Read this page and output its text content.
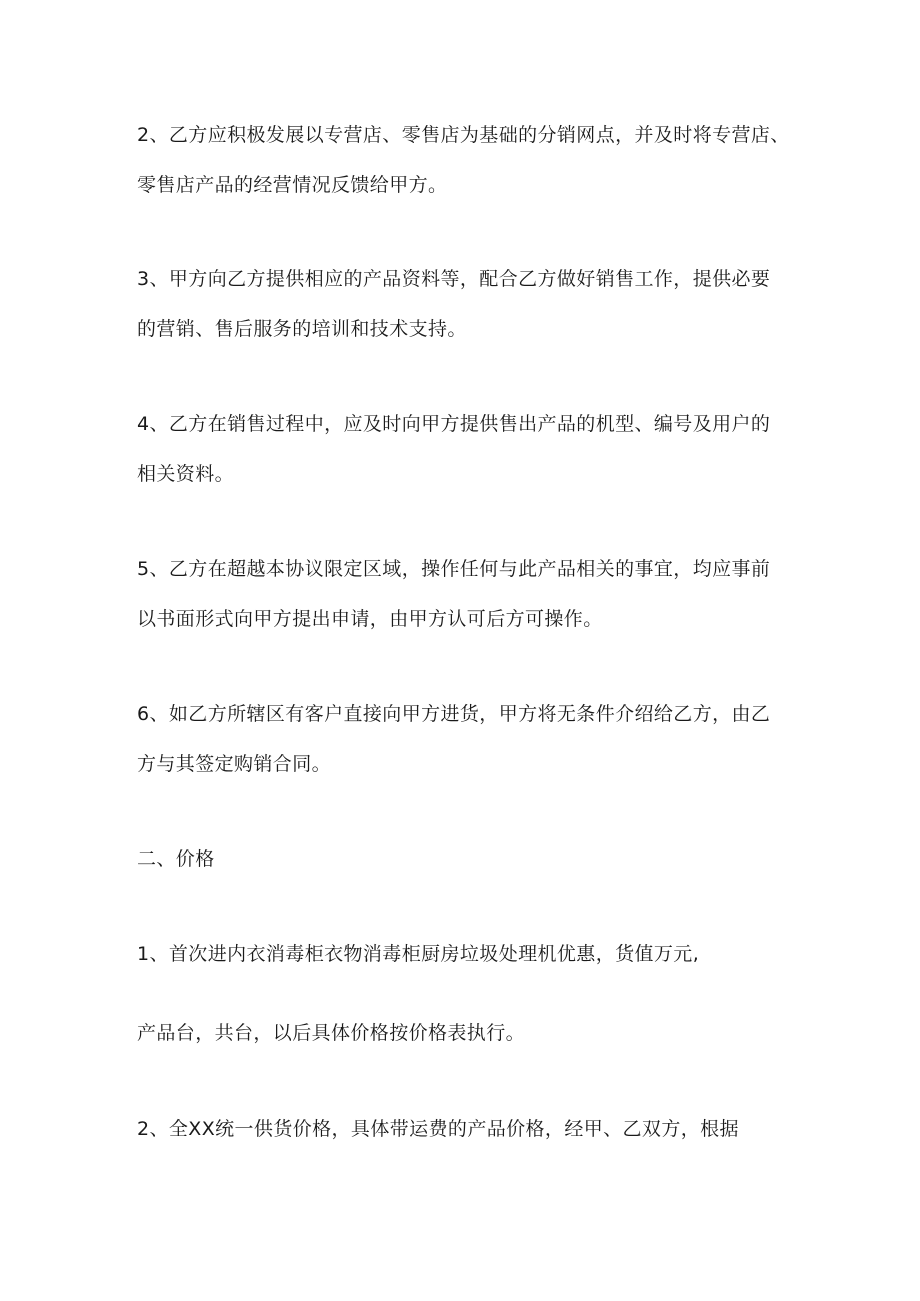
2、乙方应积极发展以专营店、零售店为基础的分销网点，并及时将专营店、
零售店产品的经营情况反馈给甲方。
3、甲方向乙方提供相应的产品资料等，配合乙方做好销售工作，提供必要
的营销、售后服务的培训和技术支持。
4、乙方在销售过程中，应及时向甲方提供售出产品的机型、编号及用户的
相关资料。
5、乙方在超越本协议限定区域，操作任何与此产品相关的事宜，均应事前
以书面形式向甲方提出申请，由甲方认可后方可操作。
6、如乙方所辖区有客户直接向甲方进货，甲方将无条件介绍给乙方，由乙
方与其签定购销合同。
二、价格
1、首次进内衣消毒柜衣物消毒柜厨房垃圾处理机优惠，货值万元,
产品台，共台，以后具体价格按价格表执行。
2、全XX统一供货价格，具体带运费的产品价格，经甲、乙双方，根据
